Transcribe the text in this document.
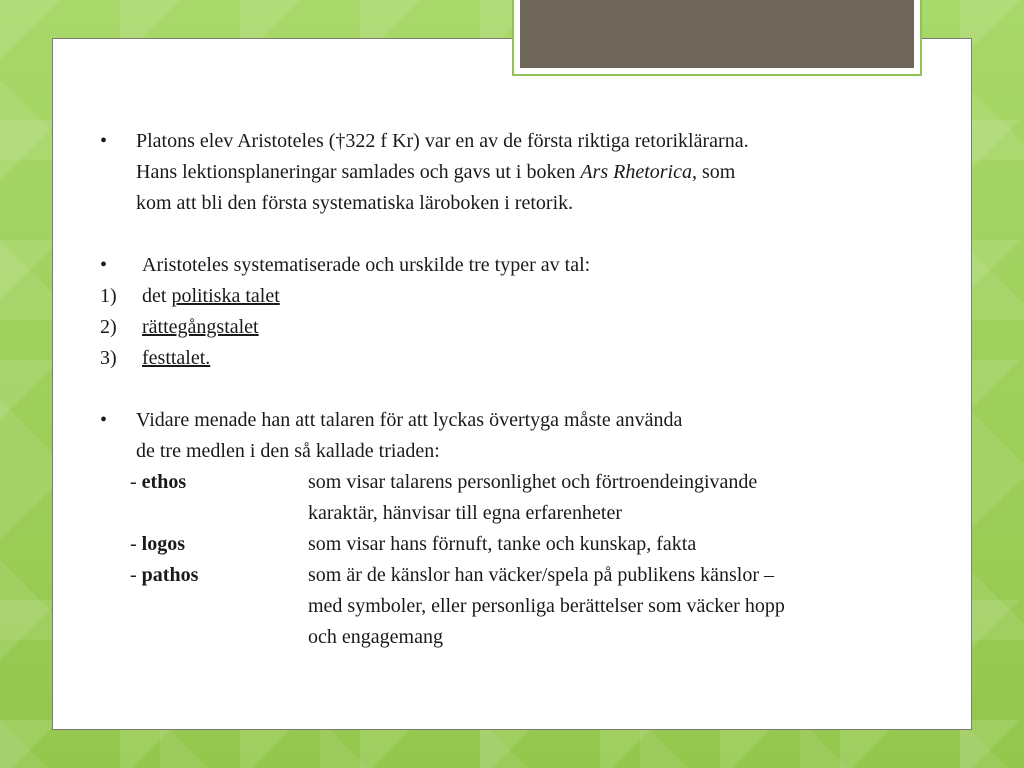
• Platons elev Aristoteles (†322 f Kr) var en av de första riktiga retoriklärarna.
Hans lektionsplaneringar samlades och gavs ut i boken Ars Rhetorica, som
kom att bli den första systematiska läroboken i retorik.
• Aristoteles systematiserade och urskilde tre typer av tal:
1) det politiska talet
2) rättegångstalet
3) festtalet.
• Vidare menade han att talaren för att lyckas övertyga måste använda
de tre medlen i den så kallade triaden:
- ethos	som visar talarens personlighet och förtroendeingivande
karaktär, hänvisar till egna erfarenheter
- logos	som visar hans förnuft, tanke och kunskap, fakta
- pathos	som är de känslor han väcker/spela på publikens känslor –
med symboler, eller personliga berättelser som väcker hopp
och engagemang
